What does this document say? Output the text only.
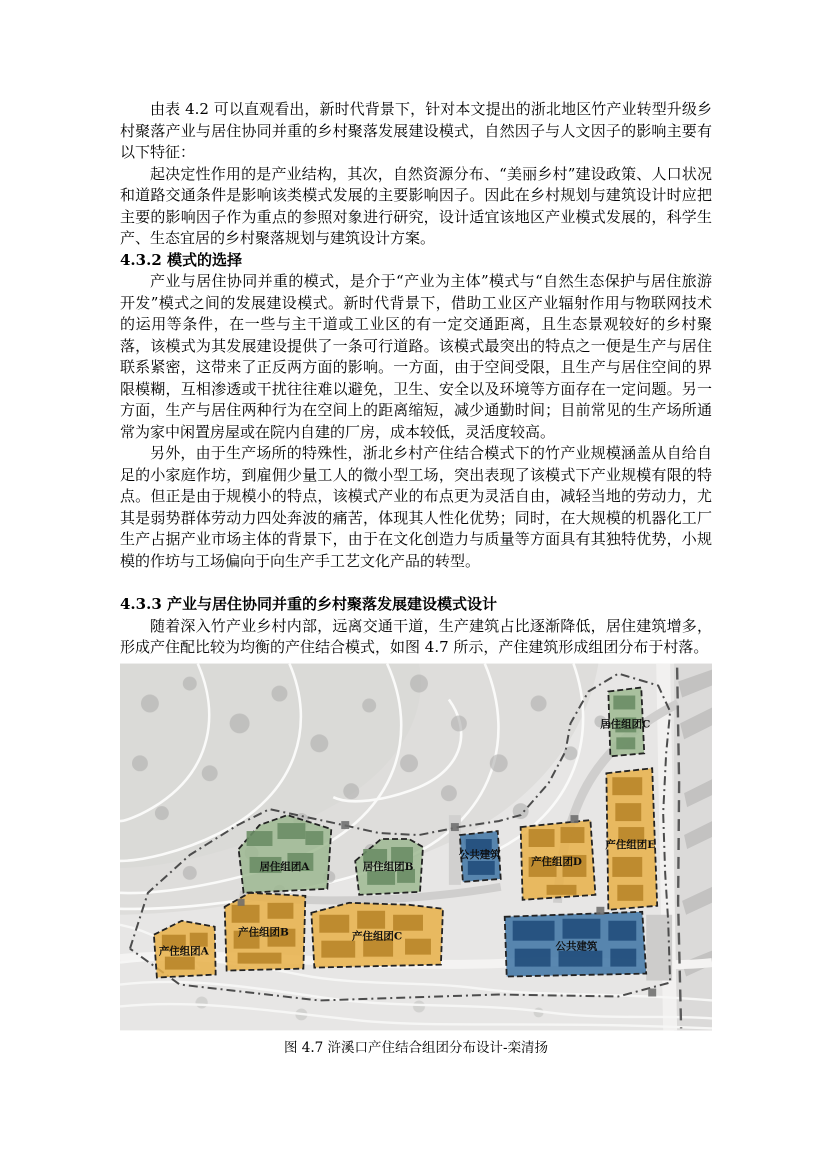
由表 4.2 可以直观看出，新时代背景下，针对本文提出的浙北地区竹产业转型升级乡村聚落产业与居住协同并重的乡村聚落发展建设模式，自然因子与人文因子的影响主要有以下特征：

起决定性作用的是产业结构，其次，自然资源分布、“美丽乡村”建设政策、人口状况和道路交通条件是影响该类模式发展的主要影响因子。因此在乡村规划与建筑设计时应把主要的影响因子作为重点的参照对象进行研究，设计适宜该地区产业模式发展的，科学生产、生态宜居的乡村聚落规划与建筑设计方案。

4.3.2 模式的选择

产业与居住协同并重的模式，是介于“产业为主体”模式与“自然生态保护与居住旅游开发”模式之间的发展建设模式。新时代背景下，借助工业区产业辐射作用与物联网技术的运用等条件，在一些与主干道或工业区的有一定交通距离，且生态景观较好的乡村聚落，该模式为其发展建设提供了一条可行道路。该模式最突出的特点之一便是生产与居住联系紧密，这带来了正反两方面的影响。一方面，由于空间受限，且生产与居住空间的界限模糊，互相渗透或干扰往往难以避免，卫生、安全以及环境等方面存在一定问题。另一方面，生产与居住两种行为在空间上的距离缩短，减少通勤时间；目前常见的生产场所通常为家中闲置房屋或在院内自建的厂房，成本较低，灵活度较高。

另外，由于生产场所的特殊性，浙北乡村产住结合模式下的竹产业规模涵盖从自给自足的小家庭作坊，到雇佣少量工人的微小型工场，突出表现了该模式下产业规模有限的特点。但正是由于规模小的特点，该模式产业的布点更为灵活自由，减轻当地的劳动力，尤其是弱势群体劳动力四处奔波的痛苦，体现其人性化优势；同时，在大规模的机器化工厂生产占据产业市场主体的背景下，由于在文化创造力与质量等方面具有其独特优势，小规模的作坊与工场偏向于向生产手工艺文化产品的转型。

4.3.3 产业与居住协同并重的乡村聚落发展建设模式设计

随着深入竹产业乡村内部，远离交通干道，生产建筑占比逐渐降低，居住建筑增多，形成产住配比较为均衡的产住结合模式，如图 4.7 所示，产住建筑形成组团分布于村落。

居住组团A	居住组团B
公共建筑
产住组团D
居住组团C
产住组团E
公共建筑
产住组团A
产住组团B	产住组团C
图 4.7 浒溪口产住结合组团分布设计-栾清扬
